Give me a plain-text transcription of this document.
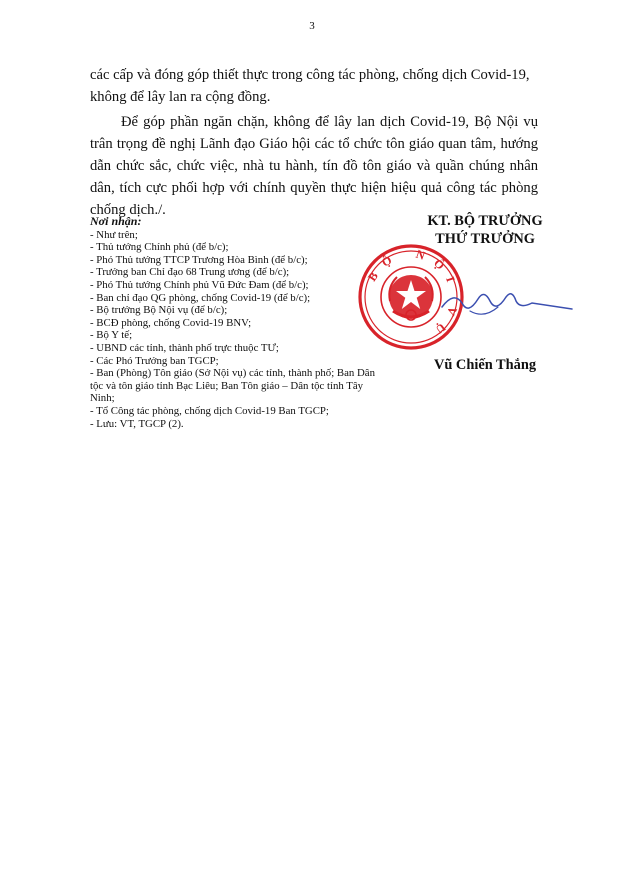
3
các cấp và đóng góp thiết thực trong công tác phòng, chống dịch Covid-19, không để lây lan ra cộng đồng.
Để góp phần ngăn chặn, không để lây lan dịch Covid-19, Bộ Nội vụ trân trọng đề nghị Lãnh đạo Giáo hội các tổ chức tôn giáo quan tâm, hướng dẫn chức sắc, chức việc, nhà tu hành, tín đồ tôn giáo và quần chúng nhân dân, tích cực phối hợp với chính quyền thực hiện hiệu quả công tác phòng chống dịch./.
Nơi nhận:
- Như trên;
- Thủ tướng Chính phủ (để b/c);
- Phó Thủ tướng TTCP Trương Hòa Bình (để b/c);
- Trưởng ban Chỉ đạo 68 Trung ương (để b/c);
- Phó Thủ tướng Chính phủ Vũ Đức Đam (để b/c);
- Ban chỉ đạo QG phòng, chống Covid-19 (để b/c);
- Bộ trưởng Bộ Nội vụ (để b/c);
- BCĐ phòng, chống Covid-19 BNV;
- Bộ Y tế;
- UBND các tỉnh, thành phố trực thuộc TƯ;
- Các Phó Trưởng ban TGCP;
- Ban (Phòng) Tôn giáo (Sở Nội vụ) các tỉnh, thành phố; Ban Dân tộc và tôn giáo tỉnh Bạc Liêu; Ban Tôn giáo – Dân tộc tỉnh Tây Ninh;
- Tổ Công tác phòng, chống dịch Covid-19 Ban TGCP;
- Lưu: VT, TGCP (2).
KT. BỘ TRƯỞNG
THỨ TRƯỞNG
BỘ NỘI VỤ
Vũ Chiến Thắng
